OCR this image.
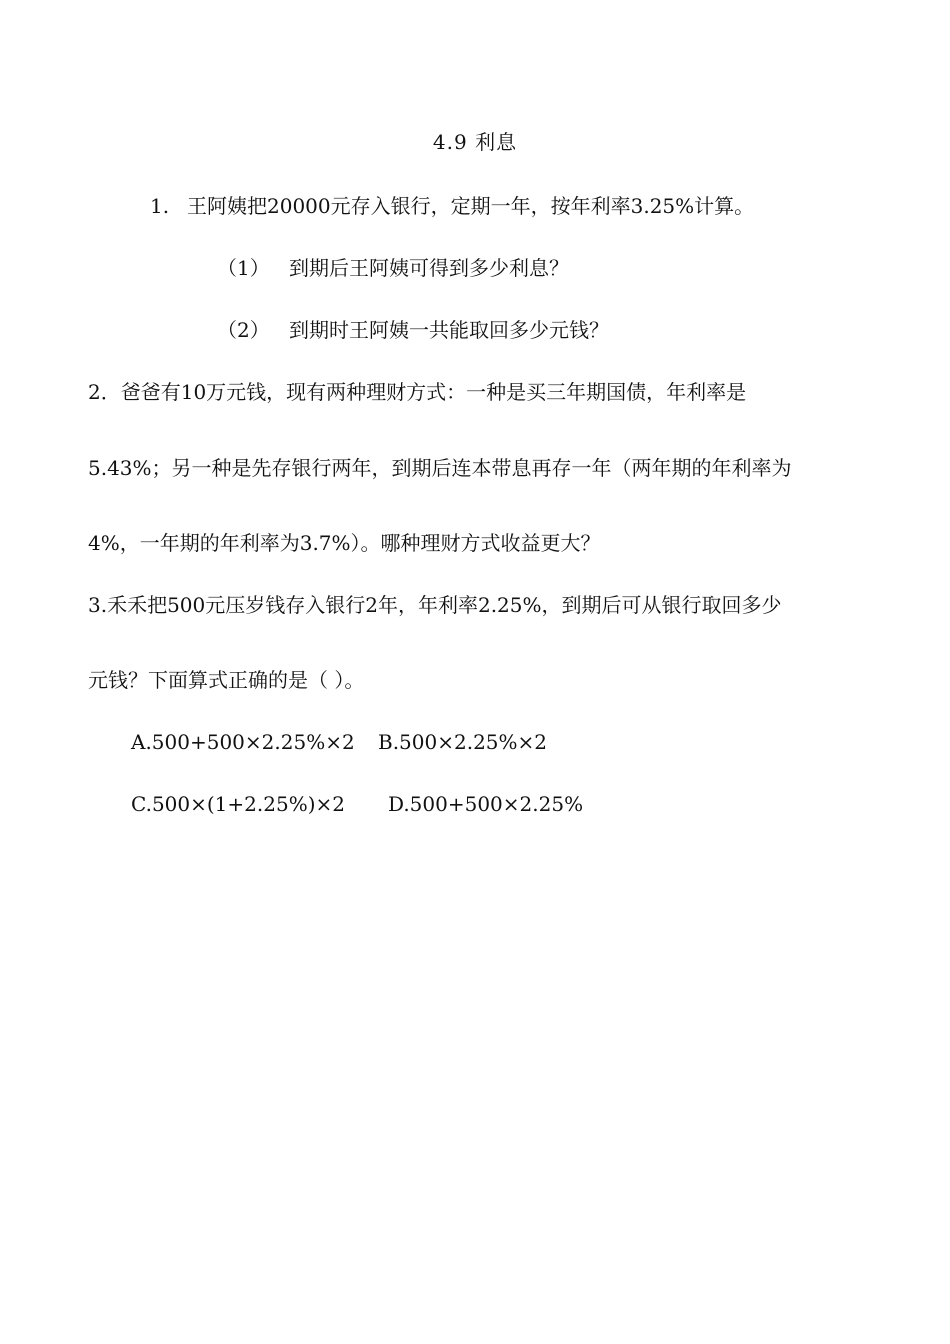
4.9 利息
1. 王阿姨把20000元存入银行，定期一年，按年利率3.25%计算。
（1） 到期后王阿姨可得到多少利息？
（2） 到期时王阿姨一共能取回多少元钱？
2．爸爸有10万元钱，现有两种理财方式：一种是买三年期国债，年利率是
5.43%；另一种是先存银行两年，到期后连本带息再存一年（两年期的年利率为
4%，一年期的年利率为3.7%）。哪种理财方式收益更大？
3.禾禾把500元压岁钱存入银行2年，年利率2.25%，到期后可从银行取回多少
元钱？下面算式正确的是（ ）。
A.500+500×2.25%×2 B.500×2.25%×2
C.500×(1+2.25%)×2 D.500+500×2.25%
